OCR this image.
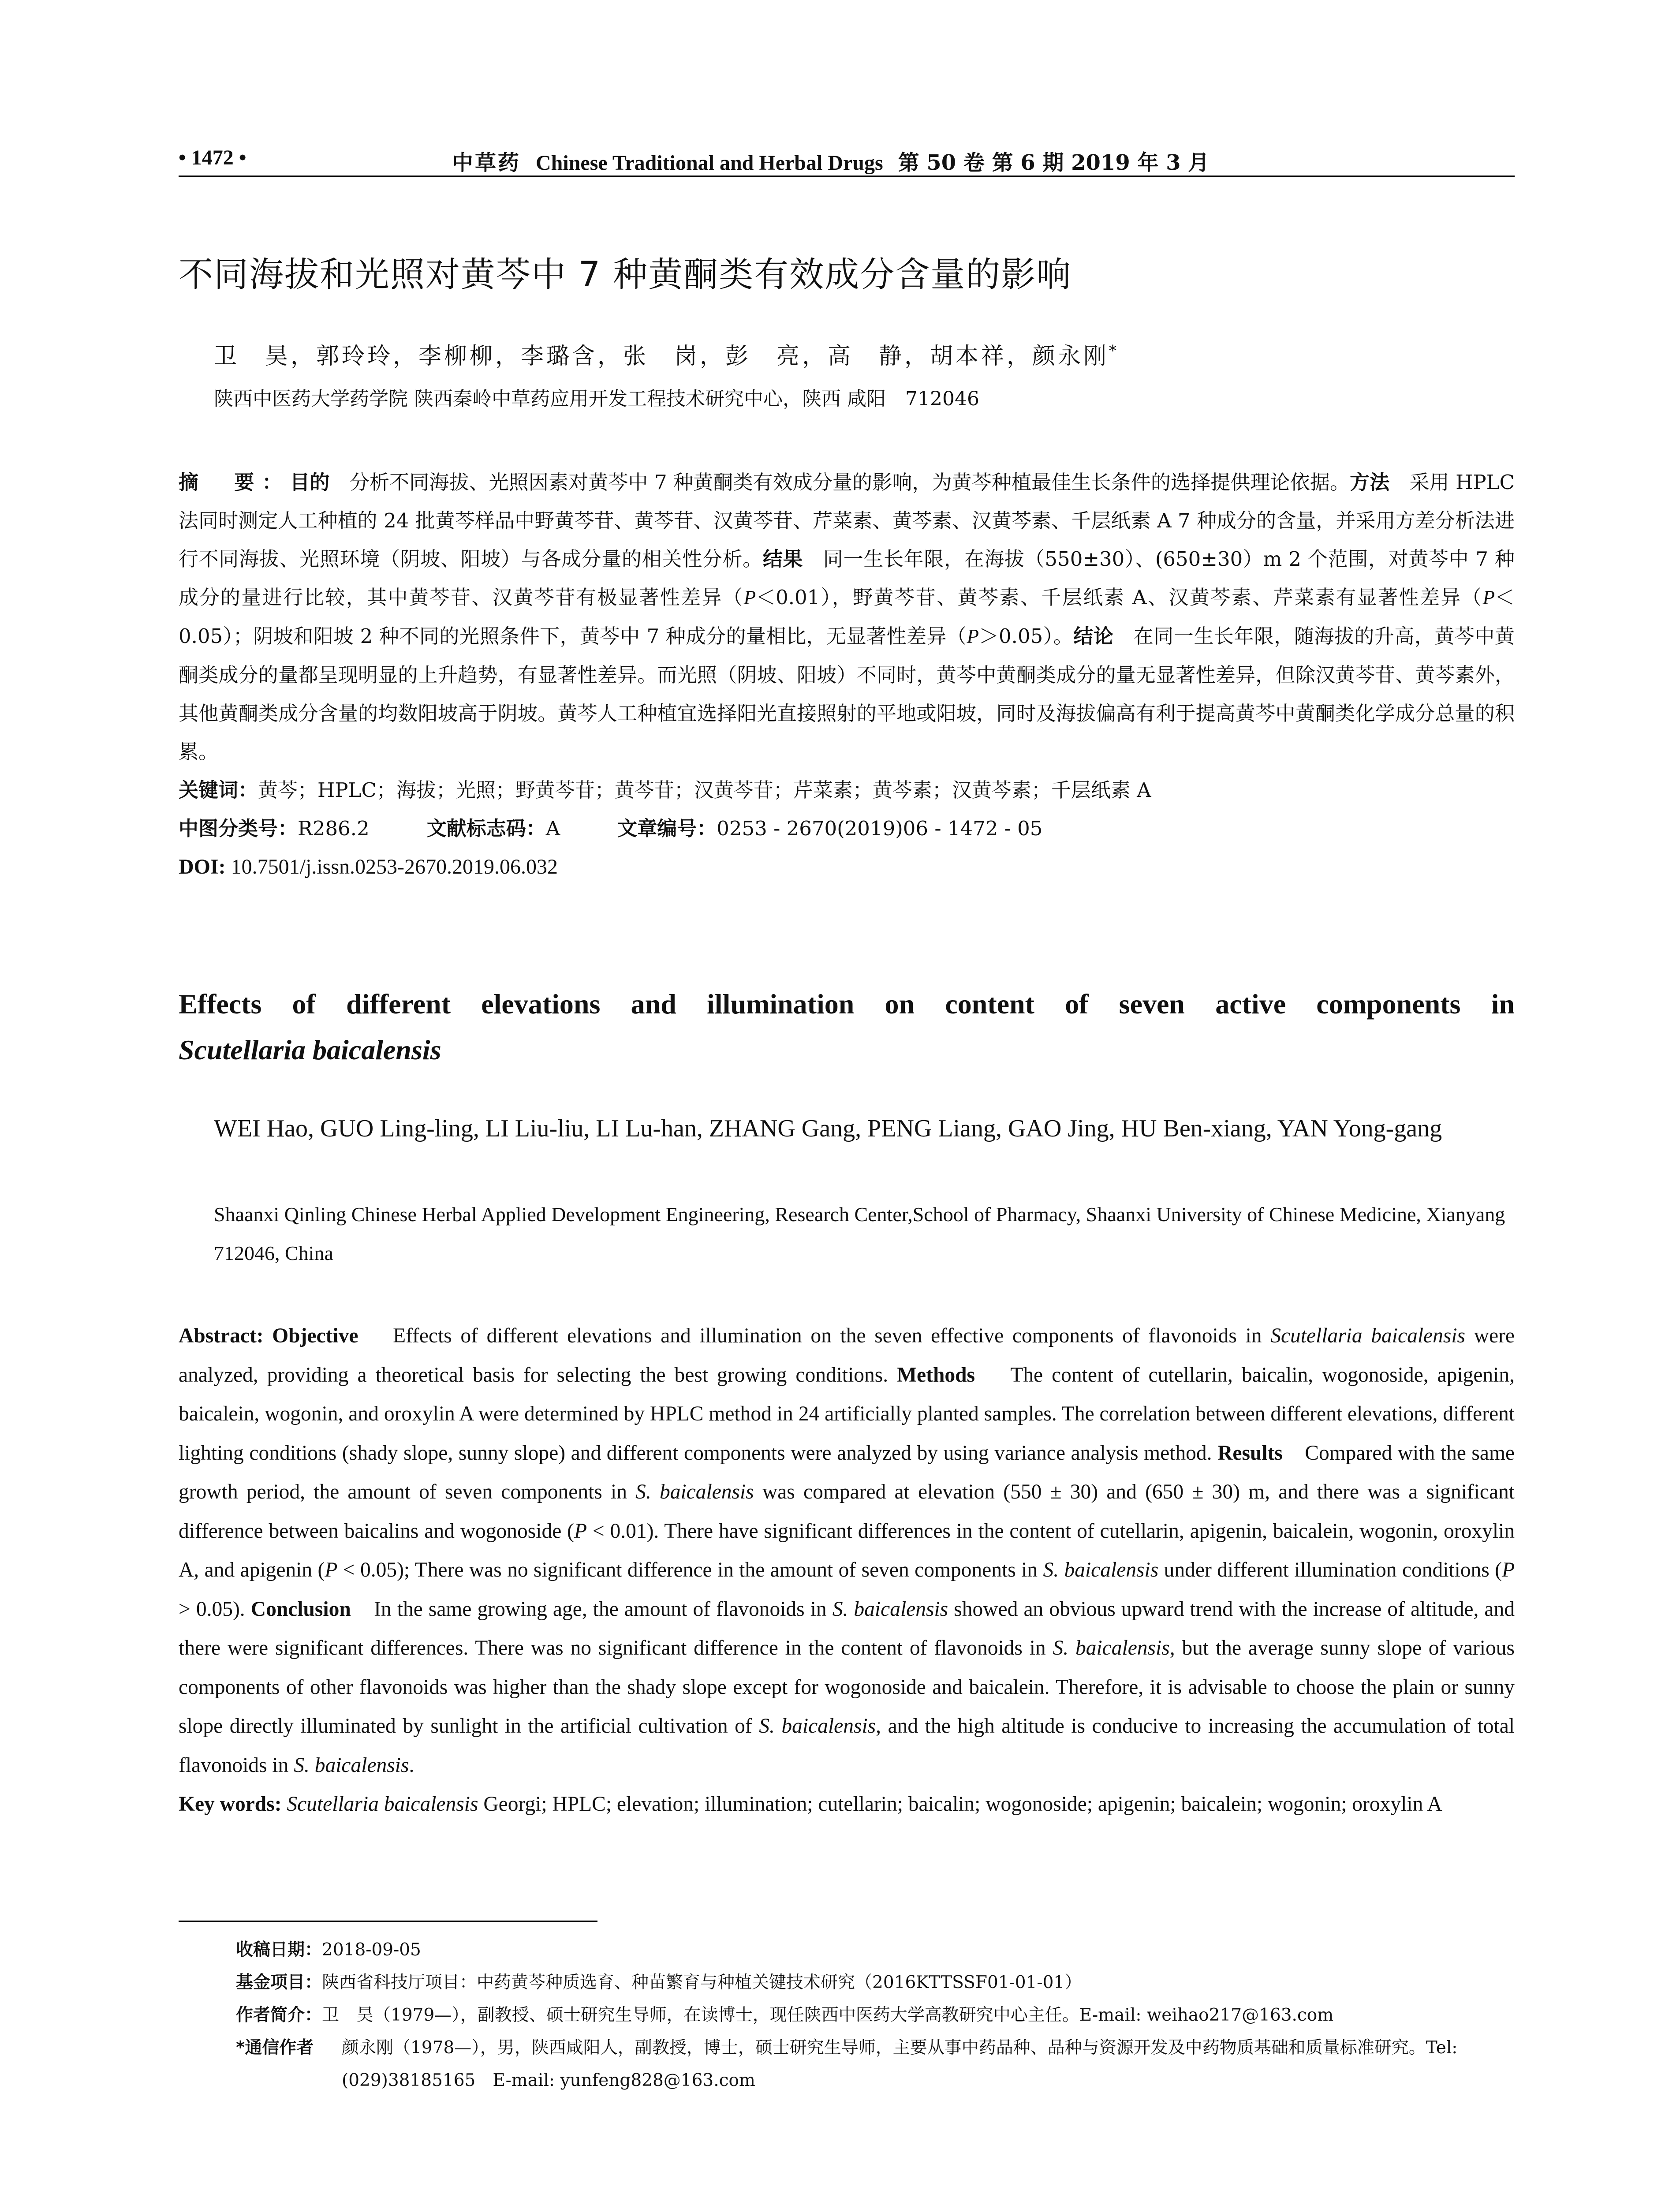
• 1472 •	中草药 Chinese Traditional and Herbal Drugs 第 50 卷 第 6 期 2019 年 3 月
不同海拔和光照对黄芩中 7 种黄酮类有效成分含量的影响
卫　昊，郭玲玲，李柳柳，李璐含，张　岗，彭　亮，高　静，胡本祥，颜永刚*
陕西中医药大学药学院 陕西秦岭中草药应用开发工程技术研究中心，陕西 咸阳　712046

摘　要：目的　 分析不同海拔、光照因素对黄芩中 7 种黄酮类有效成分量的影响，为黄芩种植最佳生长条件的选择提供理论依据。方法　 采用 HPLC 法同时测定人工种植的 24 批黄芩样品中野黄芩苷、黄芩苷、汉黄芩苷、芹菜素、黄芩素、汉黄芩素、千层纸素 A 7 种成分的含量，并采用方差分析法进行不同海拔、光照环境（阴坡、阳坡）与各成分量的相关性分析。结果　 同一生长年限，在海拔（550±30）、(650±30）m 2 个范围，对黄芩中 7 种成分的量进行比较，其中黄芩苷、汉黄芩苷有极显著性差异（P＜0.01），野黄芩苷、黄芩素、千层纸素 A、汉黄芩素、芹菜素有显著性差异（P＜0.05）；阴坡和阳坡 2 种不同的光照条件下，黄芩中 7 种成分的量相比，无显著性差异（P＞0.05）。结论　 在同一生长年限，随海拔的升高，黄芩中黄酮类成分的量都呈现明显的上升趋势，有显著性差异。而光照（阴坡、阳坡）不同时，黄芩中黄酮类成分的量无显著性差异，但除汉黄芩苷、黄芩素外，其他黄酮类成分含量的均数阳坡高于阴坡。黄芩人工种植宜选择阳光直接照射的平地或阳坡，同时及海拔偏高有利于提高黄芩中黄酮类化学成分总量的积累。

关键词：黄芩；HPLC；海拔；光照；野黄芩苷；黄芩苷；汉黄芩苷；芹菜素；黄芩素；汉黄芩素；千层纸素 A

中图分类号：R286.2	文献标志码：A	文章编号：0253 - 2670(2019)06 - 1472 - 05

DOI: 10.7501/j.issn.0253-2670.2019.06.032

Effects of different elevations and illumination on content of seven active components in
Scutellaria baicalensis
WEI Hao, GUO Ling-ling, LI Liu-liu, LI Lu-han, ZHANG Gang, PENG Liang, GAO Jing, HU Ben-xiang, YAN Yong-gang
Shaanxi Qinling Chinese Herbal Applied Development Engineering, Research Center,School of Pharmacy, Shaanxi University of Chinese Medicine, Xianyang 712046, China

Abstract: Objective Effects of different elevations and illumination on the seven effective components of flavonoids in Scutellaria baicalensis were analyzed, providing a theoretical basis for selecting the best growing conditions. Methods The content of cutellarin, baicalin, wogonoside, apigenin, baicalein, wogonin, and oroxylin A were determined by HPLC method in 24 artificially planted samples. The correlation between different elevations, different lighting conditions (shady slope, sunny slope) and different components were analyzed by using variance analysis method. Results Compared with the same growth period, the amount of seven components in S. baicalensis was compared at elevation (550 ± 30) and (650 ± 30) m, and there was a significant difference between baicalins and wogonoside (P < 0.01). There have significant differences in the content of cutellarin, apigenin, baicalein, wogonin, oroxylin A, and apigenin (P < 0.05); There was no significant difference in the amount of seven components in S. baicalensis under different illumination conditions (P > 0.05). Conclusion In the same growing age, the amount of flavonoids in S. baicalensis showed an obvious upward trend with the increase of altitude, and there were significant differences. There was no significant difference in the content of flavonoids in S. baicalensis, but the average sunny slope of various components of other flavonoids was higher than the shady slope except for wogonoside and baicalein. Therefore, it is advisable to choose the plain or sunny slope directly illuminated by sunlight in the artificial cultivation of S. baicalensis, and the high altitude is conducive to increasing the accumulation of total flavonoids in S. baicalensis.

Key words: Scutellaria baicalensis Georgi; HPLC; elevation; illumination; cutellarin; baicalin; wogonoside; apigenin; baicalein; wogonin; oroxylin A

收稿日期： 2018-09-05
基金项目： 陕西省科技厅项目：中药黄芩种质选育、种苗繁育与种植关键技术研究（2016KTTSSF01-01-01）
作者简介： 卫　昊（1979—），副教授、硕士研究生导师，在读博士，现任陕西中医药大学高教研究中心主任。E-mail: weihao217@163.com
*通信作者	颜永刚（1978—），男，陕西咸阳人，副教授，博士，硕士研究生导师，主要从事中药品种、品种与资源开发及中药物质基础和质量标准研究。Tel: (029)38185165　E-mail: yunfeng828@163.com
